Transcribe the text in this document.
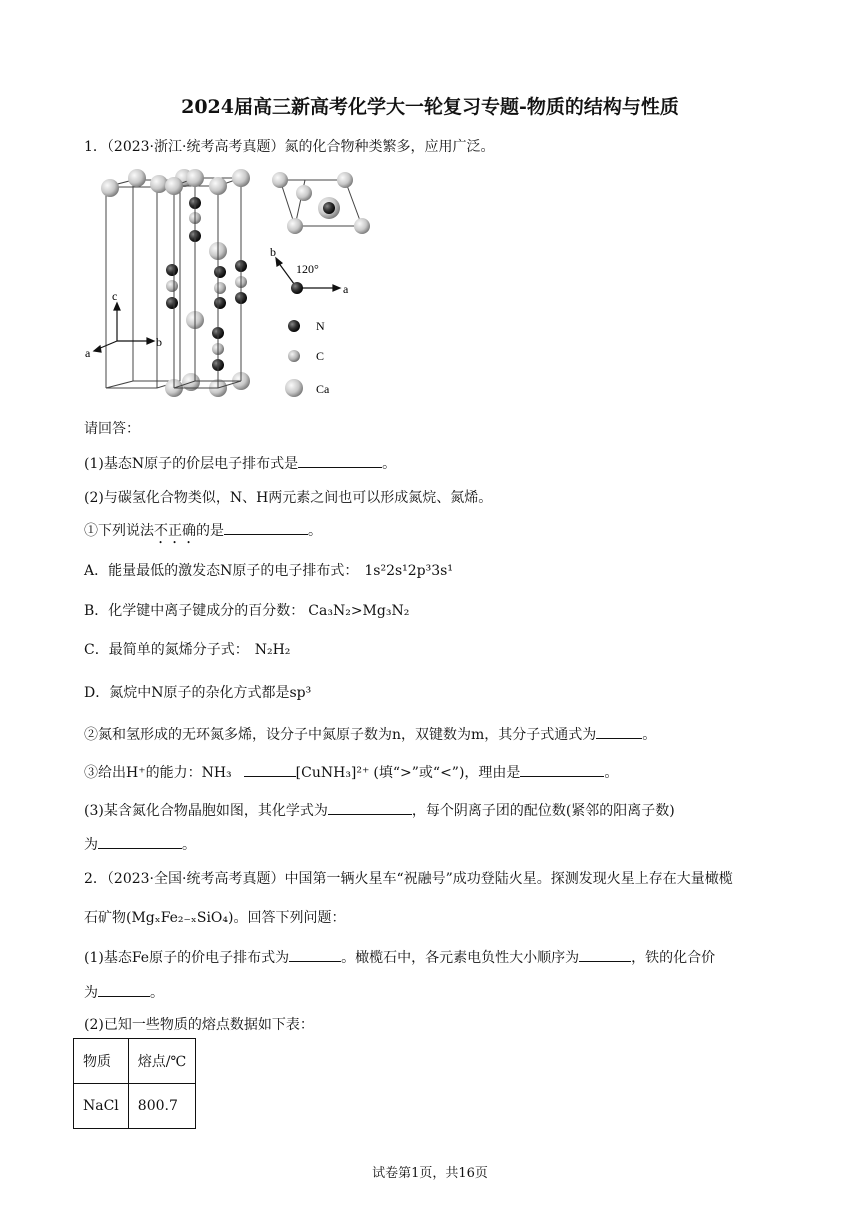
2024届高三新高考化学大一轮复习专题-物质的结构与性质
1．（2023·浙江·统考高考真题）氮的化合物种类繁多，应用广泛。
c
b
a
b
a
120°
N
C
Ca
请回答：
(1)基态N原子的价层电子排布式是	。
(2)与碳氢化合物类似，N、H两元素之间也可以形成氮烷、氮烯。
①下列说法不正确的是	。
A．能量最低的激发态N原子的电子排布式： 1s²2s¹2p³3s¹
B．化学键中离子键成分的百分数： Ca₃N₂>Mg₃N₂
C．最简单的氮烯分子式： N₂H₂
D．氮烷中N原子的杂化方式都是sp³
②氮和氢形成的无环氮多烯，设分子中氮原子数为n，双键数为m，其分子式通式为	。
③给出H⁺的能力：NH₃	[CuNH₃]²⁺ (填“>”或“<”)，理由是	。
(3)某含氮化合物晶胞如图，其化学式为	，每个阴离子团的配位数(紧邻的阳离子数)
为	。
2．（2023·全国·统考高考真题）中国第一辆火星车“祝融号”成功登陆火星。探测发现火星上存在大量橄榄
石矿物(MgₓFe₂₋ₓSiO₄)。回答下列问题：
(1)基态Fe原子的价电子排布式为	。橄榄石中，各元素电负性大小顺序为	，铁的化合价
为	。
(2)已知一些物质的熔点数据如下表：
物质	熔点/℃
NaCl	800.7
试卷第1页，共16页
